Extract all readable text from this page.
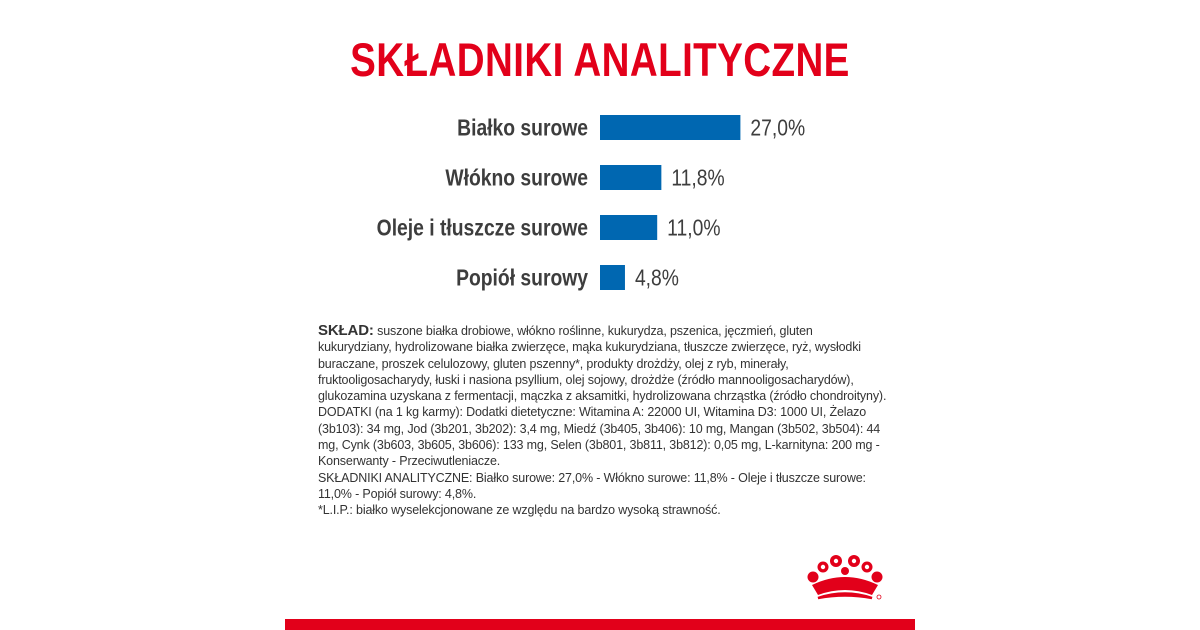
SKŁADNIKI ANALITYCZNE
Białko surowe	27,0%
Włókno surowe	11,8%
Oleje i tłuszcze surowe	11,0%
Popiół surowy 4,8%

SKŁAD: suszone białka drobiowe, włókno roślinne, kukurydza, pszenica, jęczmień, gluten kukurydziany, hydrolizowane białka zwierzęce, mąka kukurydziana, tłuszcze zwierzęce, ryż, wysłodki buraczane, proszek celulozowy, gluten pszenny*, produkty drożdży, olej z ryb, minerały, fruktooligosacharydy, łuski i nasiona psyllium, olej sojowy, drożdże (źródło mannooligosacharydów), glukozamina uzyskana z fermentacji, mączka z aksamitki, hydrolizowana chrząstka (źródło chondroityny).

DODATKI (na 1 kg karmy): Dodatki dietetyczne: Witamina A: 22000 UI, Witamina D3: 1000 UI, Żelazo (3b103): 34 mg, Jod (3b201, 3b202): 3,4 mg, Miedź (3b405, 3b406): 10 mg, Mangan (3b502, 3b504): 44 mg, Cynk (3b603, 3b605, 3b606): 133 mg, Selen (3b801, 3b811, 3b812): 0,05 mg, L-karnityna: 200 mg - Konserwanty - Przeciwutleniacze.

SKŁADNIKI ANALITYCZNE: Białko surowe: 27,0% - Włókno surowe: 11,8% - Oleje i tłuszcze surowe: 11,0% - Popiół surowy: 4,8%.

*L.I.P.: białko wyselekcjonowane ze względu na bardzo wysoką strawność.
